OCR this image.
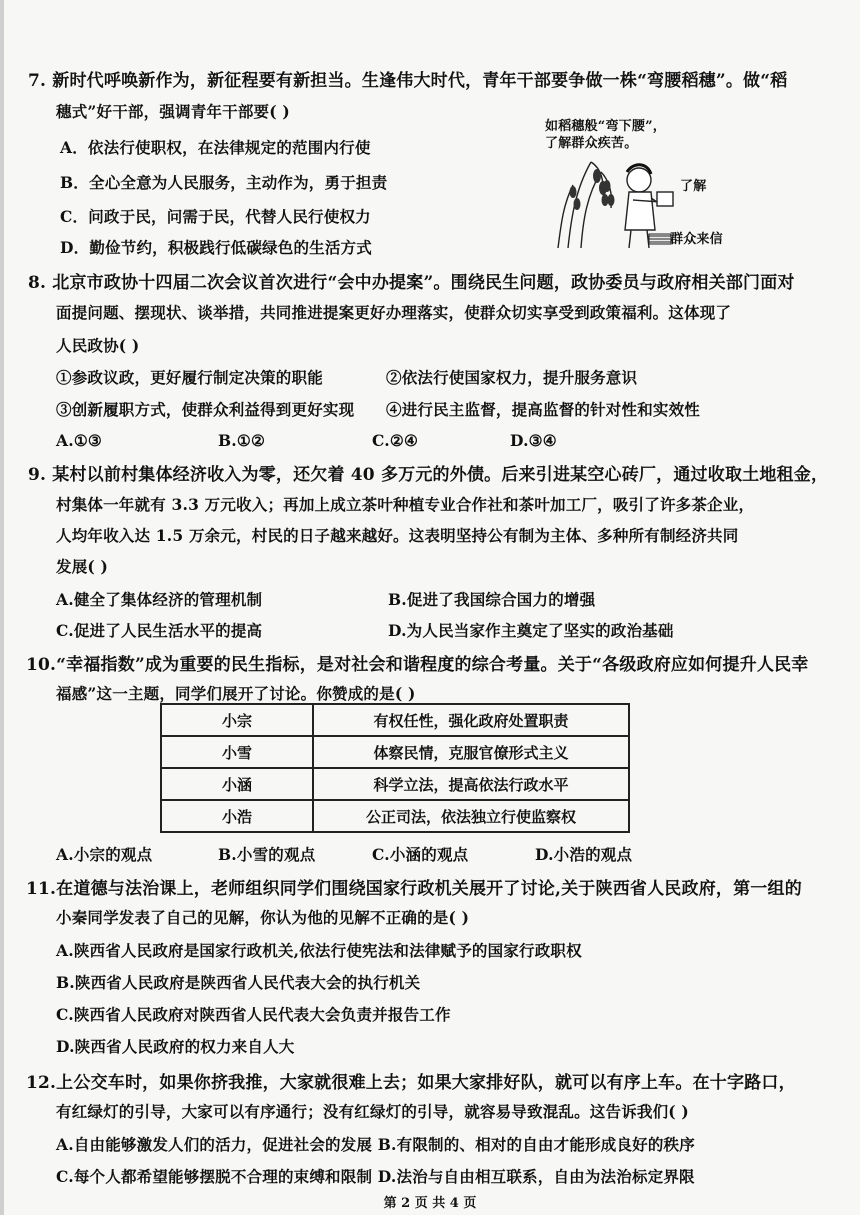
7. 新时代呼唤新作为，新征程要有新担当。生逢伟大时代，青年干部要争做一株“弯腰稻穗”。做“稻
穗式”好干部，强调青年干部要( )
A．依法行使职权，在法律规定的范围内行使
B．全心全意为人民服务，主动作为，勇于担责
C．问政于民，问需于民，代替人民行使权力
D．勤俭节约，积极践行低碳绿色的生活方式
如稻穗般“弯下腰”，
了解群众疾苦。
了解
群众来信
8. 北京市政协十四届二次会议首次进行“会中办提案”。围绕民生问题，政协委员与政府相关部门面对
面提问题、摆现状、谈举措，共同推进提案更好办理落实，使群众切实享受到政策福利。这体现了
人民政协( )
①参政议政，更好履行制定决策的职能	②依法行使国家权力，提升服务意识
③创新履职方式，使群众利益得到更好实现 ④进行民主监督，提高监督的针对性和实效性
A.①③	B.①②	C.②④	D.③④
9. 某村以前村集体经济收入为零，还欠着 40 多万元的外债。后来引进某空心砖厂，通过收取土地租金，
村集体一年就有 3.3 万元收入；再加上成立茶叶种植专业合作社和茶叶加工厂，吸引了许多茶企业，
人均年收入达 1.5 万余元，村民的日子越来越好。这表明坚持公有制为主体、多种所有制经济共同
发展( )
A.健全了集体经济的管理机制	B.促进了我国综合国力的增强
C.促进了人民生活水平的提高	D.为人民当家作主奠定了坚实的政治基础
10.“幸福指数”成为重要的民生指标，是对社会和谐程度的综合考量。关于“各级政府应如何提升人民幸
福感”这一主题，同学们展开了讨论。你赞成的是( )
小宗	有权任性，强化政府处置职责
小雪	体察民情，克服官僚形式主义
小涵	科学立法，提高依法行政水平
小浩	公正司法，依法独立行使监察权
A.小宗的观点	B.小雪的观点	C.小涵的观点	D.小浩的观点
11.在道德与法治课上，老师组织同学们围绕国家行政机关展开了讨论,关于陕西省人民政府，第一组的
小秦同学发表了自己的见解，你认为他的见解不正确的是( )
A.陕西省人民政府是国家行政机关,依法行使宪法和法律赋予的国家行政职权
B.陕西省人民政府是陕西省人民代表大会的执行机关
C.陕西省人民政府对陕西省人民代表大会负责并报告工作
D.陕西省人民政府的权力来自人大
12.上公交车时，如果你挤我推，大家就很难上去；如果大家排好队，就可以有序上车。在十字路口，
有红绿灯的引导，大家可以有序通行；没有红绿灯的引导，就容易导致混乱。这告诉我们( )
A.自由能够激发人们的活力，促进社会的发展 B.有限制的、相对的自由才能形成良好的秩序
C.每个人都希望能够摆脱不合理的束缚和限制 D.法治与自由相互联系，自由为法治标定界限
第 2 页 共 4 页
